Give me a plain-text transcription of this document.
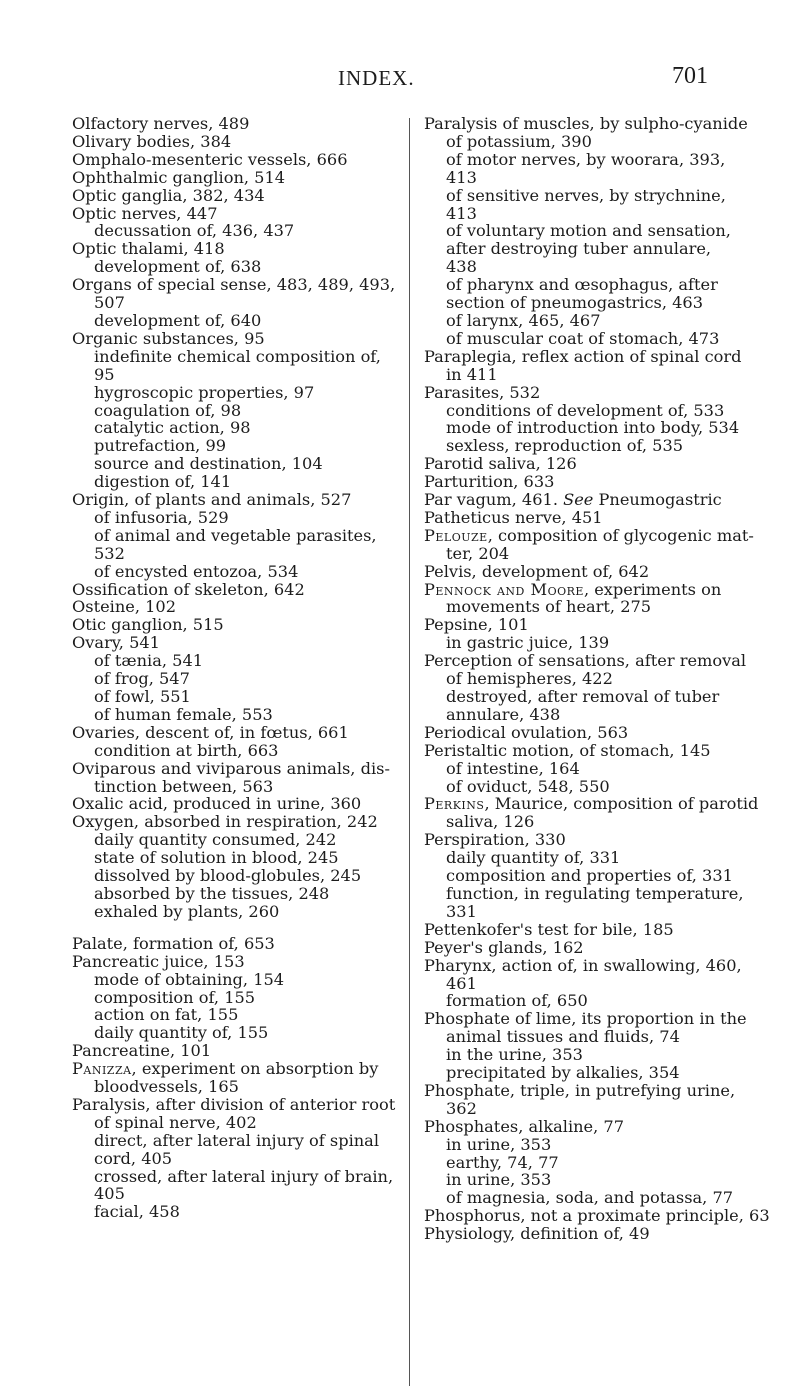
INDEX.	701

Olfactory nerves, 489

Olivary bodies, 384

Omphalo-mesenteric vessels, 666

Ophthalmic ganglion, 514

Optic ganglia, 382, 434

Optic nerves, 447

decussation of, 436, 437

Optic thalami, 418

development of, 638

Organs of special sense, 483, 489, 493,

507

development of, 640

Organic substances, 95

indefinite chemical composition of,

95

hygroscopic properties, 97

coagulation of, 98

catalytic action, 98

putrefaction, 99

source and destination, 104

digestion of, 141

Origin, of plants and animals, 527

of infusoria, 529

of animal and vegetable parasites,

532

of encysted entozoa, 534

Ossification of skeleton, 642

Osteine, 102

Otic ganglion, 515

Ovary, 541

of tænia, 541

of frog, 547

of fowl, 551

of human female, 553

Ovaries, descent of, in fœtus, 661

condition at birth, 663

Oviparous and viviparous animals, dis-

tinction between, 563

Oxalic acid, produced in urine, 360

Oxygen, absorbed in respiration, 242

daily quantity consumed, 242

state of solution in blood, 245

dissolved by blood-globules, 245

absorbed by the tissues, 248

exhaled by plants, 260

Palate, formation of, 653

Pancreatic juice, 153

mode of obtaining, 154

composition of, 155

action on fat, 155

daily quantity of, 155

Pancreatine, 101

Panizza, experiment on absorption by

bloodvessels, 165

Paralysis, after division of anterior root

of spinal nerve, 402

direct, after lateral injury of spinal

cord, 405

crossed, after lateral injury of brain,

405

facial, 458

Paralysis of muscles, by sulpho-cyanide

of potassium, 390

of motor nerves, by woorara, 393,

413

of sensitive nerves, by strychnine,

413

of voluntary motion and sensation,

after destroying tuber annulare,

438

of pharynx and œsophagus, after

section of pneumogastrics, 463

of larynx, 465, 467

of muscular coat of stomach, 473

Paraplegia, reflex action of spinal cord

in 411

Parasites, 532

conditions of development of, 533

mode of introduction into body, 534

sexless, reproduction of, 535

Parotid saliva, 126

Parturition, 633

Par vagum, 461. See Pneumogastric

Patheticus nerve, 451

Pelouze, composition of glycogenic mat-

ter, 204

Pelvis, development of, 642

Pennock and Moore, experiments on

movements of heart, 275

Pepsine, 101

in gastric juice, 139

Perception of sensations, after removal

of hemispheres, 422

destroyed, after removal of tuber

annulare, 438

Periodical ovulation, 563

Peristaltic motion, of stomach, 145

of intestine, 164

of oviduct, 548, 550

Perkins, Maurice, composition of parotid

saliva, 126

Perspiration, 330

daily quantity of, 331

composition and properties of, 331

function, in regulating temperature,

331

Pettenkofer's test for bile, 185

Peyer's glands, 162

Pharynx, action of, in swallowing, 460,

461

formation of, 650

Phosphate of lime, its proportion in the

animal tissues and fluids, 74

in the urine, 353

precipitated by alkalies, 354

Phosphate, triple, in putrefying urine,

362

Phosphates, alkaline, 77

in urine, 353

earthy, 74, 77

in urine, 353

of magnesia, soda, and potassa, 77

Phosphorus, not a proximate principle, 63

Physiology, definition of, 49
